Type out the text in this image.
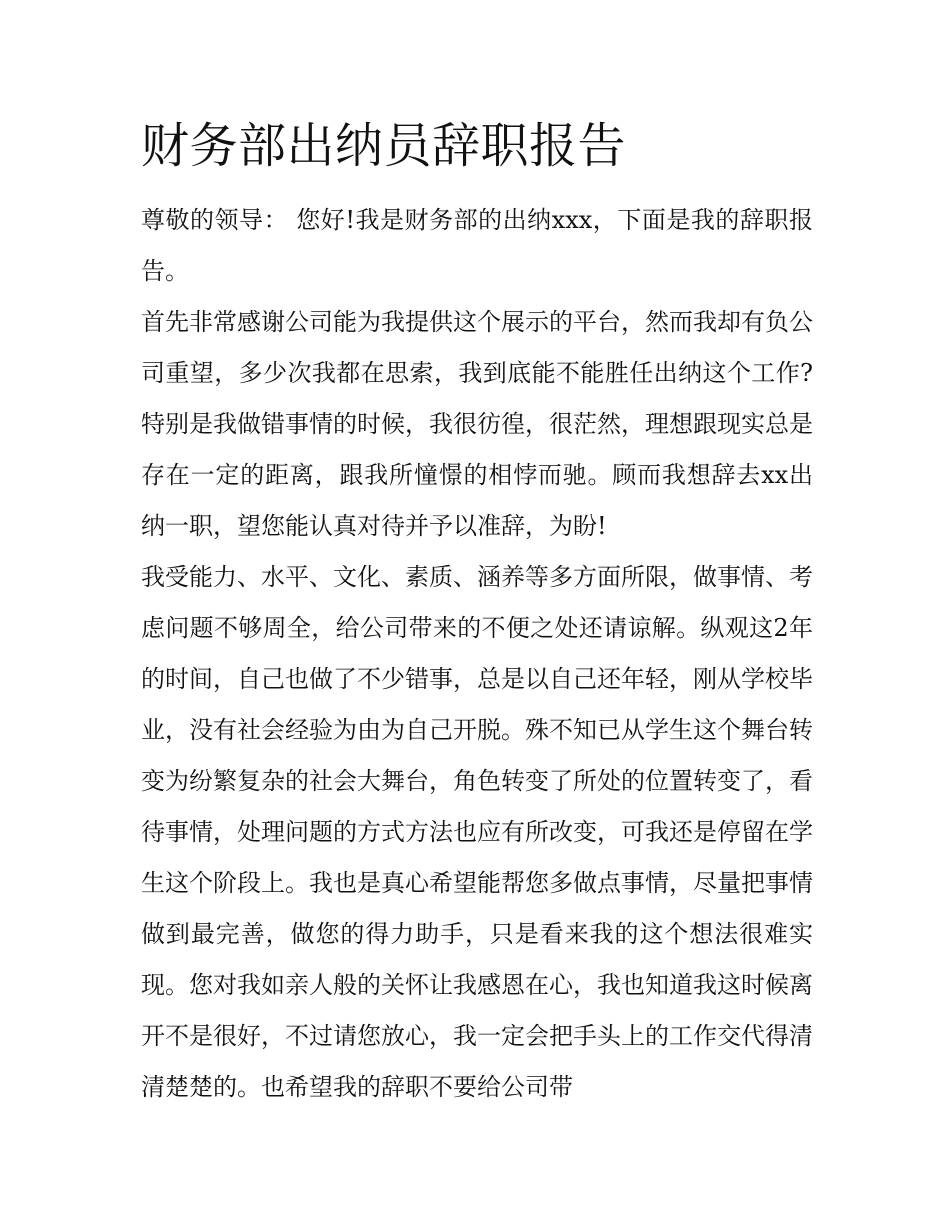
财务部出纳员辞职报告

尊敬的领导： 您好!我是财务部的出纳xxx，下面是我的辞职报告。

首先非常感谢公司能为我提供这个展示的平台，然而我却有负公司重望，多少次我都在思索，我到底能不能胜任出纳这个工作?特别是我做错事情的时候，我很彷徨，很茫然，理想跟现实总是存在一定的距离，跟我所憧憬的相悖而驰。顾而我想辞去xx出纳一职，望您能认真对待并予以准辞，为盼!

我受能力、水平、文化、素质、涵养等多方面所限，做事情、考虑问题不够周全，给公司带来的不便之处还请谅解。纵观这2年的时间，自己也做了不少错事，总是以自己还年轻，刚从学校毕业，没有社会经验为由为自己开脱。殊不知已从学生这个舞台转变为纷繁复杂的社会大舞台，角色转变了所处的位置转变了，看待事情，处理问题的方式方法也应有所改变，可我还是停留在学生这个阶段上。我也是真心希望能帮您多做点事情，尽量把事情做到最完善，做您的得力助手，只是看来我的这个想法很难实现。您对我如亲人般的关怀让我感恩在心，我也知道我这时候离开不是很好，不过请您放心，我一定会把手头上的工作交代得清清楚楚的。也希望我的辞职不要给公司带
